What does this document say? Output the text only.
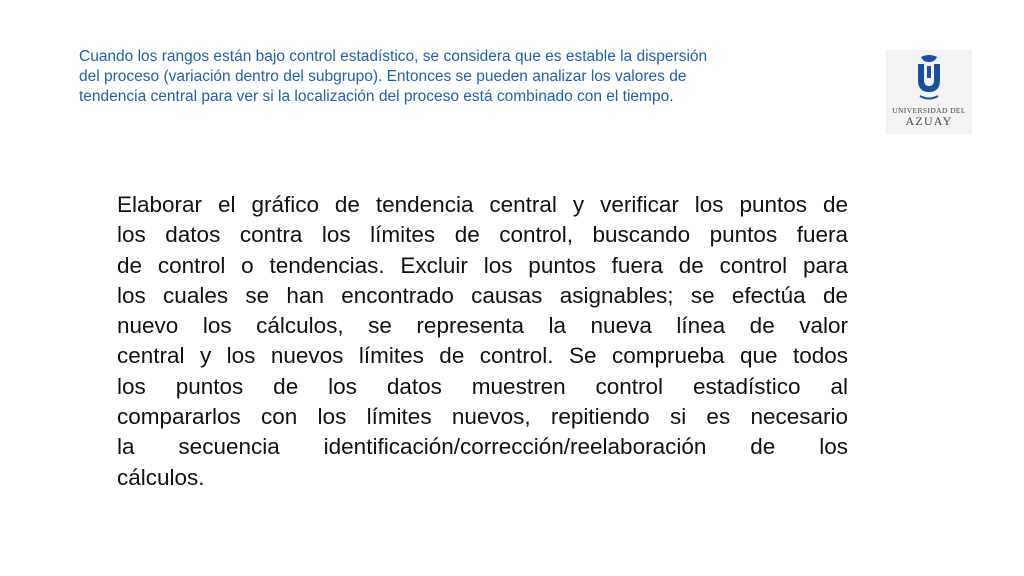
Cuando los rangos están bajo control estadístico, se considera que es estable la dispersión
del proceso (variación dentro del subgrupo). Entonces se pueden analizar los valores de
tendencia central para ver si la localización del proceso está combinado con el tiempo.

UNIVERSIDAD DEL
AZUAY
Elaborar el gráfico de tendencia central y verificar los puntos de
los datos contra los límites de control, buscando puntos fuera
de control o tendencias. Excluir los puntos fuera de control para
los cuales se han encontrado causas asignables; se efectúa de
nuevo los cálculos, se representa la nueva línea de valor
central y los nuevos límites de control. Se comprueba que todos
los puntos de los datos muestren control estadístico al
compararlos con los límites nuevos, repitiendo si es necesario
la secuencia identificación/corrección/reelaboración de los
cálculos.
